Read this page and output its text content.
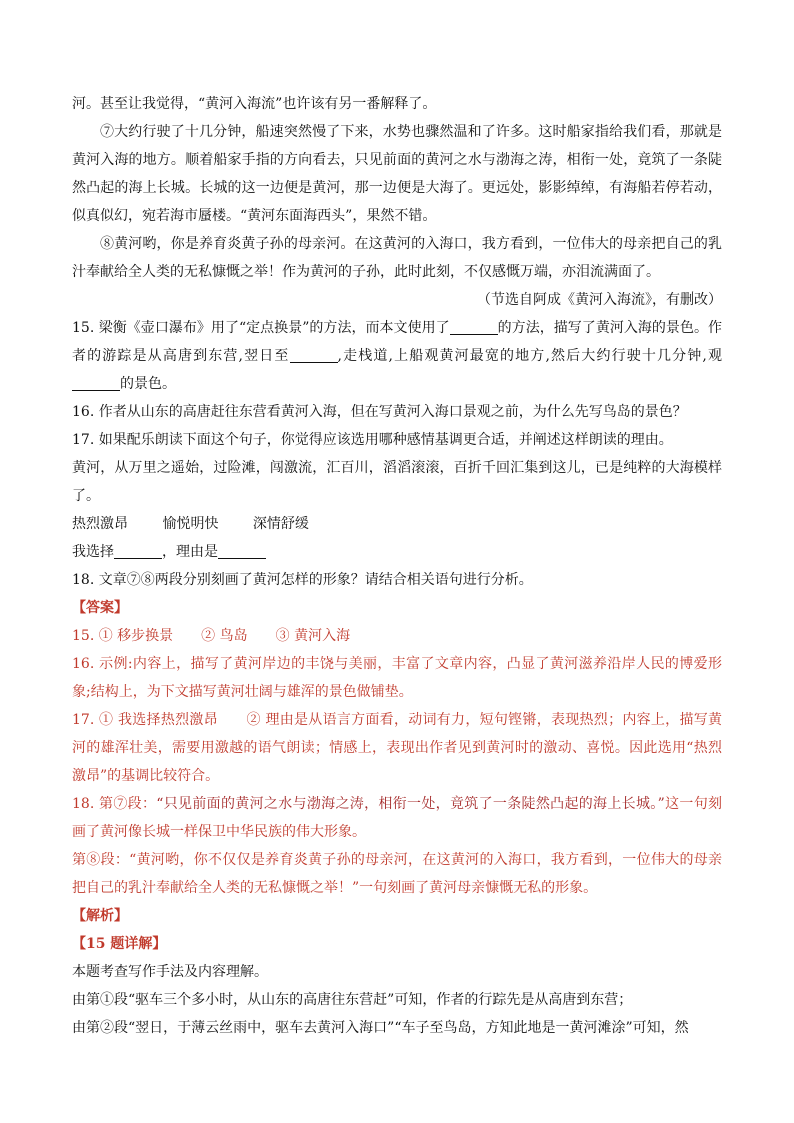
河。甚至让我觉得，“黄河入海流”也许该有另一番解释了。

⑦大约行驶了十几分钟，船速突然慢了下来，水势也骤然温和了许多。这时船家指给我们看，那就是黄河入海的地方。顺着船家手指的方向看去，只见前面的黄河之水与渤海之涛，相衔一处，竟筑了一条陡然凸起的海上长城。长城的这一边便是黄河，那一边便是大海了。更远处，影影绰绰，有海船若停若动，似真似幻，宛若海市蜃楼。“黄河东面海西头”，果然不错。

⑧黄河哟，你是养育炎黄子孙的母亲河。在这黄河的入海口，我方看到，一位伟大的母亲把自己的乳汁奉献给全人类的无私慷慨之举！作为黄河的子孙，此时此刻，不仅感慨万端，亦泪流满面了。

（节选自阿成《黄河入海流》，有删改）

15. 梁衡《壶口瀑布》用了“定点换景”的方法，而本文使用了	的方法，描写了黄河入海的景色。作者的游踪是从高唐到东营,翌日至	,走栈道,上船观黄河最宽的地方,然后大约行驶十几分钟,观的景色。

16. 作者从山东的高唐赶往东营看黄河入海，但在写黄河入海口景观之前，为什么先写鸟岛的景色？

17. 如果配乐朗读下面这个句子，你觉得应该选用哪种感情基调更合适，并阐述这样朗读的理由。

黄河，从万里之遥始，过险滩，闯激流，汇百川，滔滔滚滚，百折千回汇集到这儿，已是纯粹的大海模样了。

热烈激昂 愉悦明快 深情舒缓

我选择	，理由是

18. 文章⑦⑧两段分别刻画了黄河怎样的形象？请结合相关语句进行分析。

【答案】

15. ① 移步换景　　② 鸟岛　　③ 黄河入海

16. 示例:内容上，描写了黄河岸边的丰饶与美丽，丰富了文章内容，凸显了黄河滋养沿岸人民的博爱形象;结构上，为下文描写黄河壮阔与雄浑的景色做铺垫。

17. ① 我选择热烈激昂　　② 理由是从语言方面看，动词有力，短句铿锵，表现热烈；内容上，描写黄河的雄浑壮美，需要用激越的语气朗读；情感上，表现出作者见到黄河时的激动、喜悦。因此选用“热烈激昂”的基调比较符合。

18. 第⑦段：“只见前面的黄河之水与渤海之涛，相衔一处，竟筑了一条陡然凸起的海上长城。”这一句刻画了黄河像长城一样保卫中华民族的伟大形象。

第⑧段：“黄河哟，你不仅仅是养育炎黄子孙的母亲河，在这黄河的入海口，我方看到，一位伟大的母亲把自己的乳汁奉献给全人类的无私慷慨之举！”一句刻画了黄河母亲慷慨无私的形象。

【解析】

【15 题详解】

本题考查写作手法及内容理解。

由第①段“驱车三个多小时，从山东的高唐往东营赶”可知，作者的行踪先是从高唐到东营；

由第②段“翌日，于薄云丝雨中，驱车去黄河入海口”“车子至鸟岛，方知此地是一黄河滩涂”可知，然
